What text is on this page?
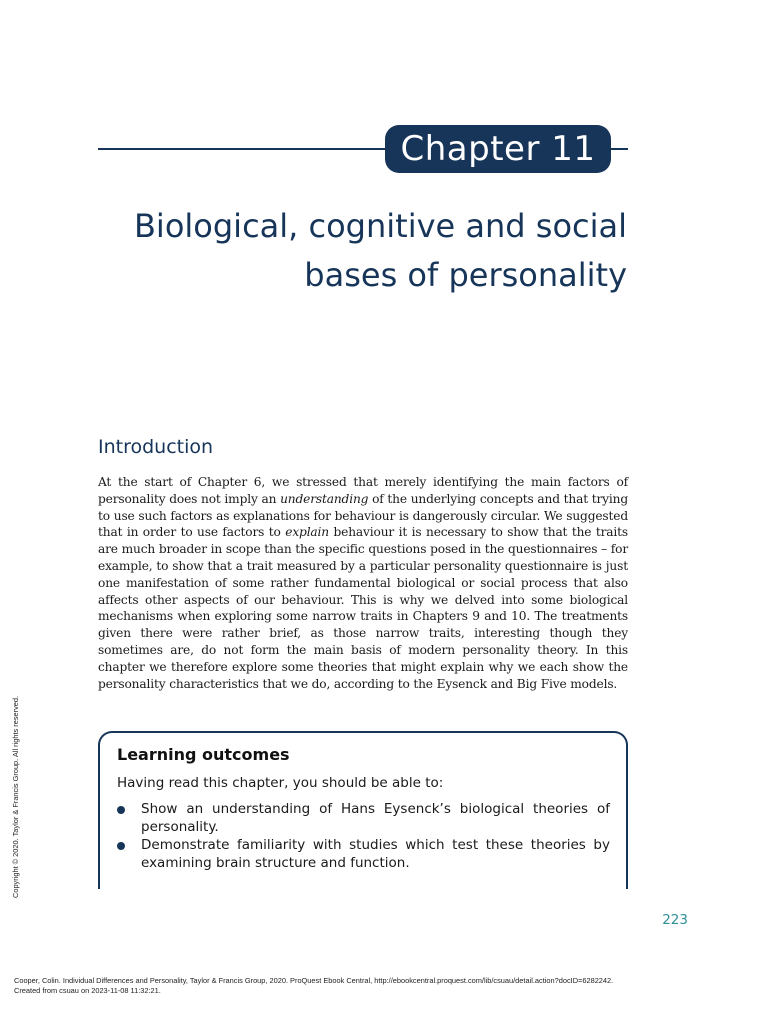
Chapter 11
Biological, cognitive and social
bases of personality
Introduction
At the start of Chapter 6, we stressed that merely identifying the main factors of personality does not imply an understanding of the underlying concepts and that trying to use such factors as explanations for behaviour is dangerously circular. We suggested that in order to use factors to explain behaviour it is necessary to show that the traits are much broader in scope than the specific questions posed in the questionnaires – for example, to show that a trait measured by a particular personality questionnaire is just one manifestation of some rather fundamental biological or social process that also affects other aspects of our behaviour. This is why we delved into some biological mechanisms when exploring some narrow traits in Chapters 9 and 10. The treatments given there were rather brief, as those narrow traits, interesting though they sometimes are, do not form the main basis of modern personality theory. In this chapter we therefore explore some theories that might explain why we each show the personality characteristics that we do, according to the Eysenck and Big Five models.
Learning outcomes
Having read this chapter, you should be able to:
Show an understanding of Hans Eysenck’s biological theories of personality.
Demonstrate familiarity with studies which test these theories by examining brain structure and function.
223
Copyright © 2020. Taylor & Francis Group. All rights reserved.
Cooper, Colin. Individual Differences and Personality, Taylor & Francis Group, 2020. ProQuest Ebook Central, http://ebookcentral.proquest.com/lib/csuau/detail.action?docID=6282242.
Created from csuau on 2023-11-08 11:32:21.
